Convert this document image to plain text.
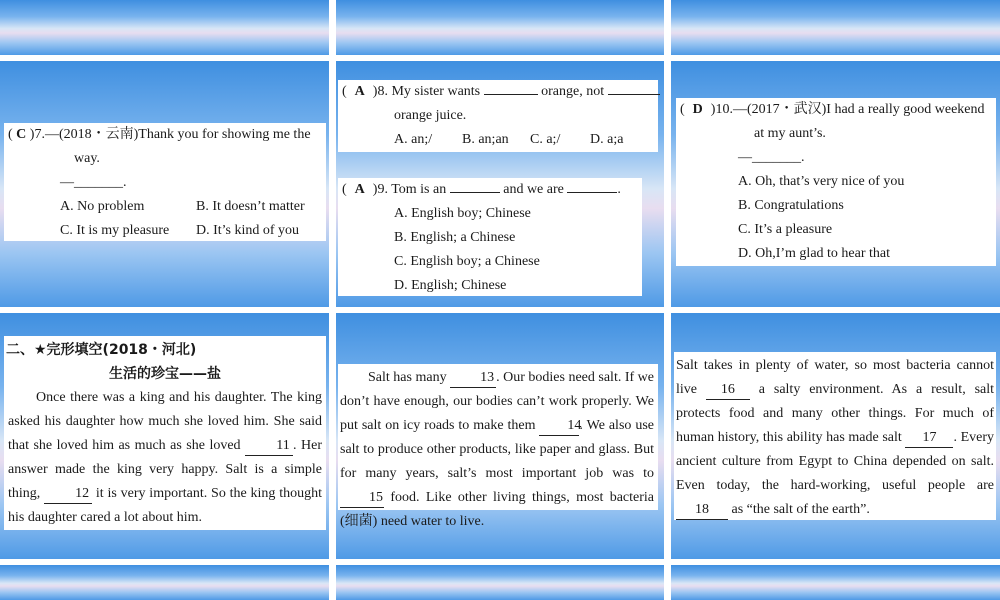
( C )7.—(2018・云南)Thank you for showing me the
way.
—_______.
A. No problem	B. It doesn’t matter
C. It is my pleasure D. It’s kind of you
( A )8. My sister wants	orange, not
orange juice.
A. an;/ B. an;an C. a;/ D. a;a
( A )9. Tom is an	and we are	.
A. English boy; Chinese
B. English; a Chinese
C. English boy; a Chinese
D. English; Chinese
( D )10.—(2017・武汉)I had a really good weekend
at my aunt’s.
—_______.
A. Oh, that’s very nice of you
B. Congratulations
C. It’s a pleasure
D. Oh,I’m glad to hear that
二、★完形填空(2018・河北)
生活的珍宝——盐

Once there was a king and his daughter. The king asked his daughter how much she loved him. She said that she loved him as much as she loved	11 . Her answer made the king very happy. Salt is a simple thing, 12 it is very important. So the king thought his daughter cared a lot about him.

Salt has many 13 . Our bodies need salt. If we don’t have enough, our bodies can’t work properly. We put salt on icy roads to make them 14. We also use salt to produce other products, like paper and glass. But for many years, salt’s most important job was to 15 food. Like other living things, most bacteria (细菌) need water to live.

Salt takes in plenty of water, so most bacteria cannot live 16 a salty environment. As a result, salt protects food and many other things. For much of human history, this ability has made salt 17 . Every ancient culture from Egypt to China depended on salt. Even today, the hard-working, useful people are 18 as “the salt of the earth”.
